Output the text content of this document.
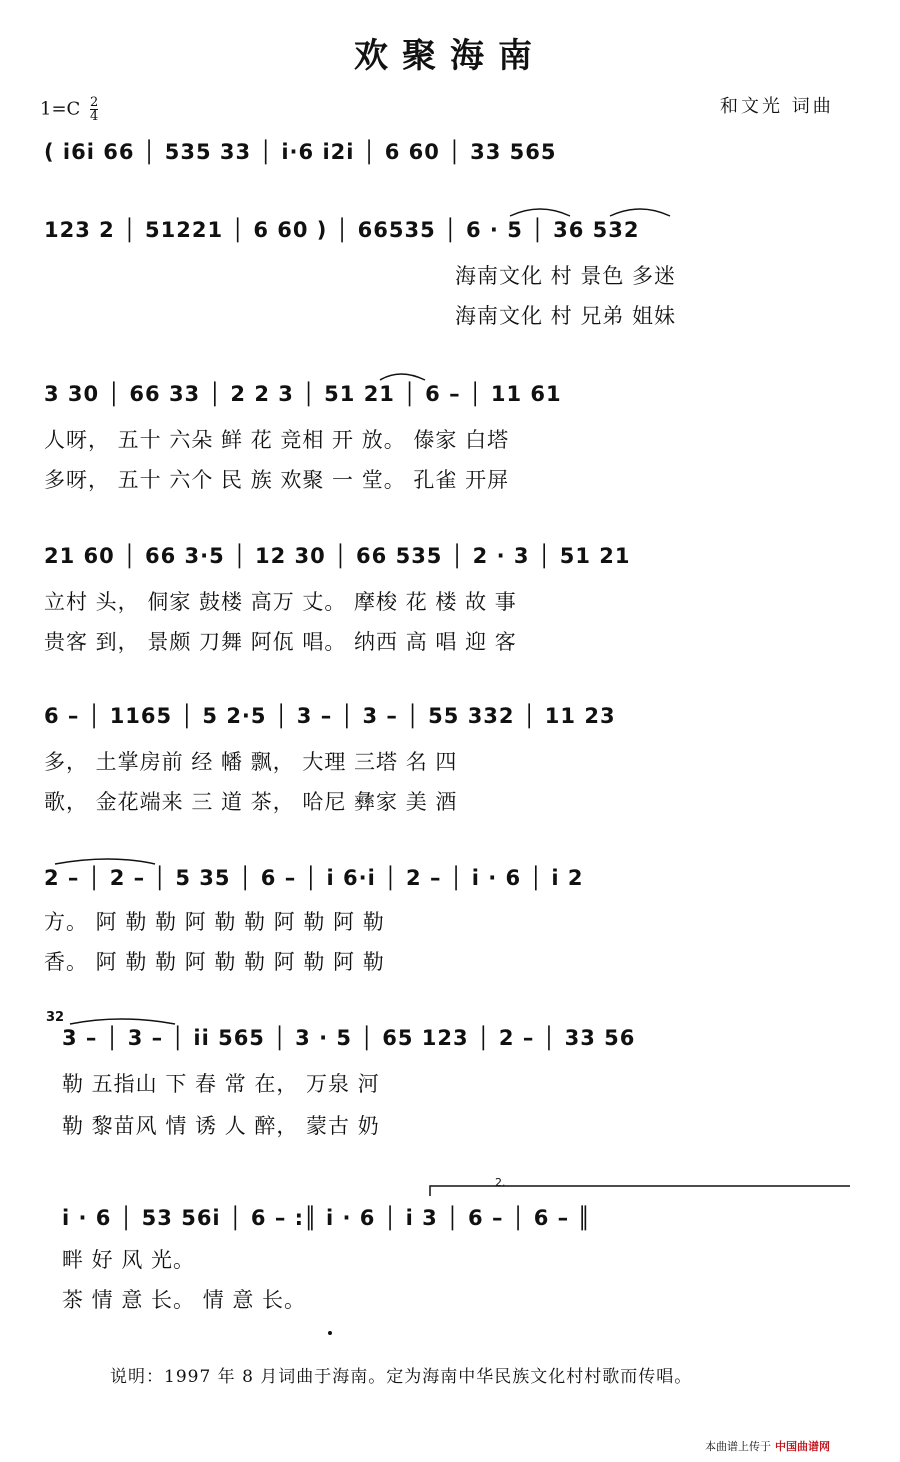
欢聚海南
$1=C \frac{2}{4}$	和文光 词曲
( i6i 66 │ 535 33 │ i·6 i2i │ 6 60 │ 33 565
123 2 │ 51221 │ 6 60 ) │ 66535 │ 6 · 5 │ 36 532
海南文化 村 景色 多迷
海南文化 村 兄弟 姐妹
3 30 │ 66 33 │ 2 2 3 │ 51 21 │ 6 – │ 11 61
人呀， 五十 六朵 鲜 花 竞相 开 放。 傣家 白塔
多呀， 五十 六个 民 族 欢聚 一 堂。 孔雀 开屏
21 60 │ 66 3·5 │ 12 30 │ 66 535 │ 2 · 3 │ 51 21
立村 头， 侗家 鼓楼 高万 丈。 摩梭 花 楼 故 事
贵客 到， 景颇 刀舞 阿佤 唱。 纳西 高 唱 迎 客
6 – │ 1165 │ 5 2·5 │ 3 – │ 3 – │ 55 332 │ 11 23
多， 土掌房前 经 幡 飘， 大理 三塔 名 四
歌， 金花端来 三 道 茶， 哈尼 彝家 美 酒
2 – │ 2 – │ 5 35 │ 6 – │ i 6·i │ 2 – │ i · 6 │ i 2
方。 阿 勒 勒 阿 勒 勒 阿 勒 阿 勒
香。 阿 勒 勒 阿 勒 勒 阿 勒 阿 勒
32
3 – │ 3 – │ ii 565 │ 3 · 5 │ 65 123 │ 2 – │ 33 56
勒 五指山 下 春 常 在， 万泉 河
勒 黎苗风 情 诱 人 醉， 蒙古 奶
2.
i · 6 │ 53 56i │ 6 – :║ i · 6 │ i 3 │ 6 – │ 6 – ║
畔 好 风 光。
茶 情 意 长。 情 意 长。
说明：1997 年 8 月词曲于海南。定为海南中华民族文化村村歌而传唱。
本曲谱上传于 中国曲谱网
